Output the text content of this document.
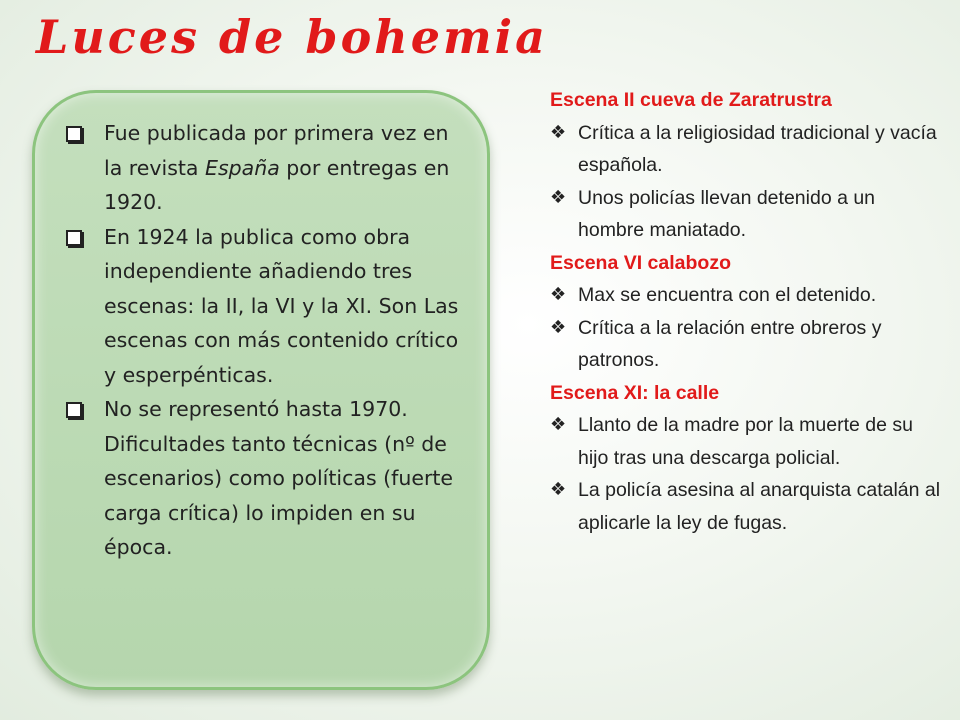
Luces de bohemia
Fue publicada por primera vez en la revista España por entregas en 1920.
En 1924 la publica como obra independiente añadiendo tres escenas: la II, la VI y la XI. Son Las escenas con más contenido crítico y esperpénticas.
No se representó hasta 1970. Dificultades tanto técnicas (nº de escenarios) como políticas (fuerte carga crítica) lo impiden en su época.
Escena II cueva de Zaratrustra
❖ Crítica a la religiosidad tradicional y vacía española.
❖ Unos policías llevan detenido a un hombre maniatado.
Escena VI calabozo
❖ Max se encuentra con el detenido.
❖ Crítica a la relación entre obreros y patronos.
Escena XI: la calle
❖ Llanto de la madre por la muerte de su hijo tras una descarga policial.
❖ La policía asesina al anarquista catalán al aplicarle la ley de fugas.
